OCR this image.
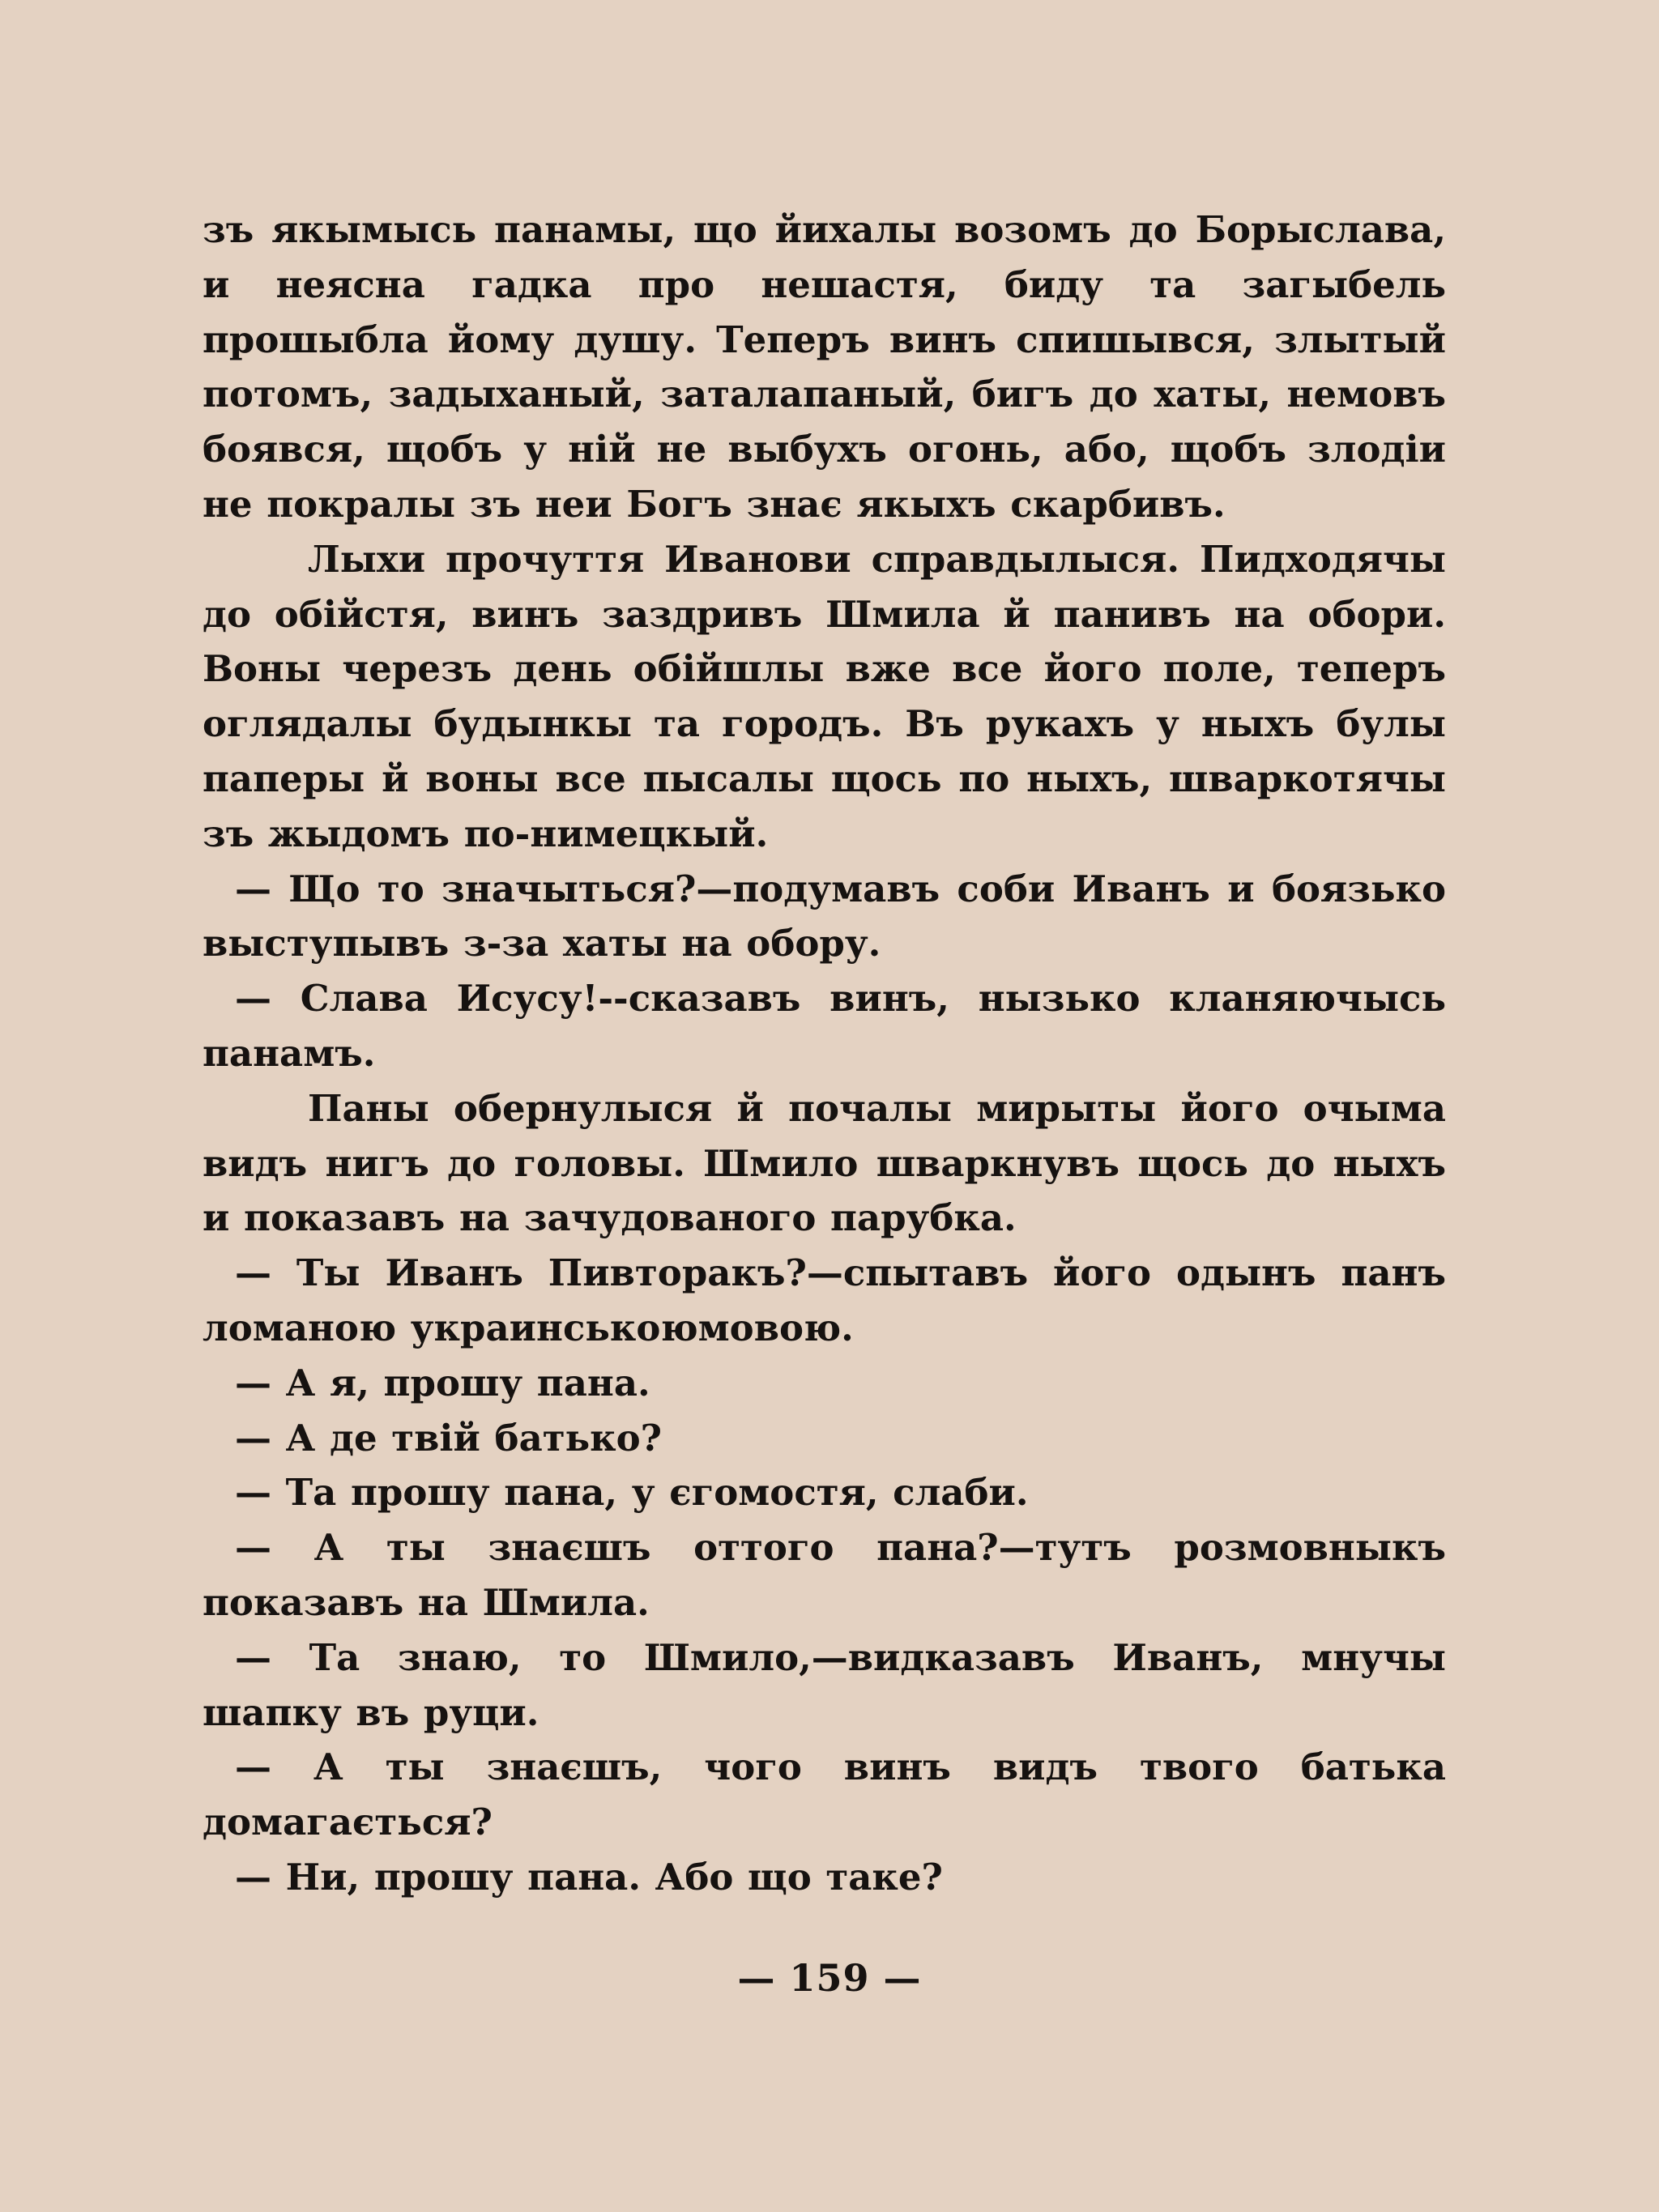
зъ якымысь панамы, що йихалы возомъ до Борыслава, и неясна гадка про нешастя, биду та загыбель прошыбла йому душу. Теперъ винъ спишывся, злытый потомъ, задыханый, заталапаный, бигъ до хаты, немовъ боявся, щобъ у ній не выбухъ огонь, або, щобъ злодіи не покралы зъ неи Богъ знає якыхъ скарбивъ.

Лыхи прочуття Иванови справдылыся. Пидходячы до обійстя, винъ заздривъ Шмила й панивъ на обори. Воны черезъ день обійшлы вже все його поле, теперъ оглядалы будынкы та городъ. Въ рукахъ у ныхъ булы паперы й воны все пысалы щось по ныхъ, шваркотячы зъ жыдомъ по-нимецкый.

— Що то значыться?—подумавъ соби Иванъ и боязько выступывъ з-за хаты на обору.

— Слава Исусу!--сказавъ винъ, нызько кланяючысь панамъ.

Паны обернулыся й почалы мирыты його очыма видъ нигъ до головы. Шмило шваркнувъ щось до ныхъ и показавъ на зачудованого парубка.

— Ты Иванъ Пивторакъ?—спытавъ його одынъ панъ ломаною украинськоюмовою.

— А я, прошу пана.

— А де твій батько?

— Та прошу пана, у єгомостя, слаби.

— А ты знаєшъ оттого пана?—тутъ розмовныкъ показавъ на Шмила.

— Та знаю, то Шмило,—видказавъ Иванъ, мнучы шапку въ руци.

— А ты знаєшъ, чого винъ видъ твого батька домагається?

— Ни, прошу пана. Або що таке?

— 159 —
